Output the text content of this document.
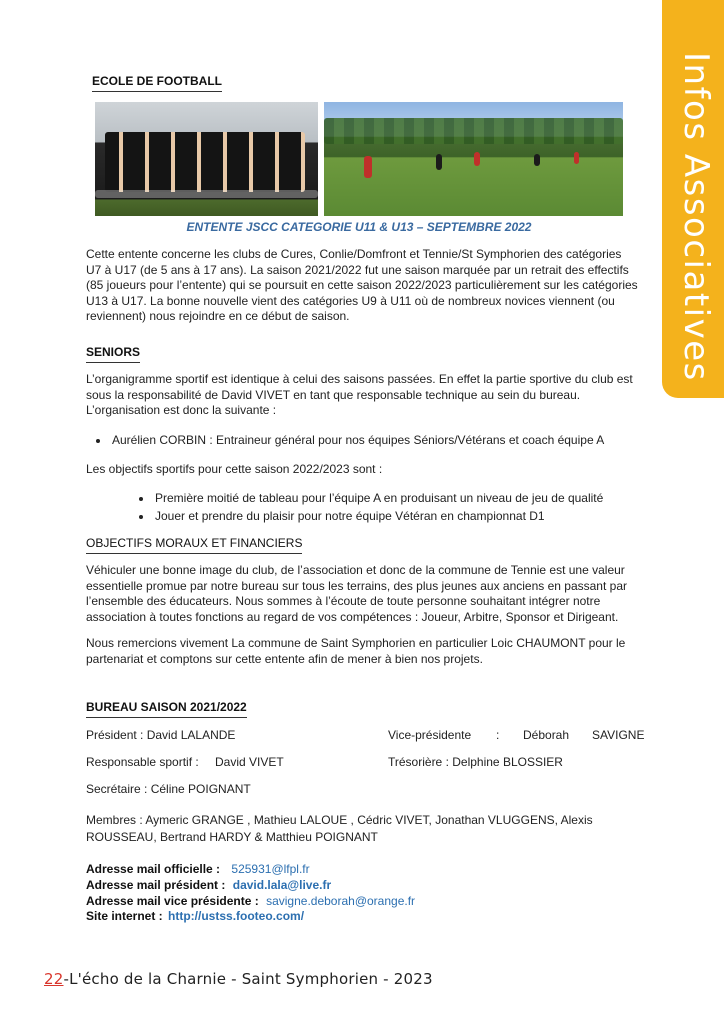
Infos Associatives
ECOLE DE FOOTBALL
ENTENTE JSCC CATEGORIE U11 & U13 – SEPTEMBRE 2022

Cette entente concerne les clubs de Cures, Conlie/Domfront et Tennie/St Symphorien des catégories U7 à U17 (de 5 ans à 17 ans). La saison 2021/2022 fut une saison marquée par un retrait des effectifs (85 joueurs pour l’entente) qui se poursuit en cette saison 2022/2023 particulièrement sur les catégories U13 à U17. La bonne nouvelle vient des catégories U9 à U11 où de nombreux novices viennent (ou reviennent) nous rejoindre en ce début de saison.

SENIORS

L’organigramme sportif est identique à celui des saisons passées. En effet la partie sportive du club est sous la responsabilité de David VIVET en tant que responsable technique au sein du bureau. L’organisation est donc la suivante :

• Aurélien CORBIN : Entraineur général pour nos équipes Séniors/Vétérans et coach équipe A
Les objectifs sportifs pour cette saison 2022/2023 sont :
• Première moitié de tableau pour l’équipe A en produisant un niveau de jeu de qualité
• Jouer et prendre du plaisir pour notre équipe Vétéran en championnat D1
OBJECTIFS MORAUX ET FINANCIERS

Véhiculer une bonne image du club, de l’association et donc de la commune de Tennie est une valeur essentielle promue par notre bureau sur tous les terrains, des plus jeunes aux anciens en passant par l’ensemble des éducateurs. Nous sommes à l’écoute de toute personne souhaitant intégrer notre association à toutes fonctions au regard de vos compétences : Joueur, Arbitre, Sponsor et Dirigeant.

Nous remercions vivement La commune de Saint Symphorien en particulier Loic CHAUMONT pour le partenariat et comptons sur cette entente afin de mener à bien nos projets.

BUREAU SAISON 2021/2022
Président : David LALANDE	Vice-présidente : Déborah SAVIGNE
Responsable sportif : David VIVET	Trésorière : Delphine BLOSSIER
Secrétaire : Céline POIGNANT
Membres : Aymeric GRANGE , Mathieu LALOUE , Cédric VIVET, Jonathan VLUGGENS, Alexis
ROUSSEAU, Bertrand HARDY & Matthieu POIGNANT
Adresse mail officielle : 525931@lfpl.fr
Adresse mail président : david.lala@live.fr
Adresse mail vice présidente : savigne.deborah@orange.fr
Site internet : http://ustss.footeo.com/
22-L'écho de la Charnie - Saint Symphorien - 2023
